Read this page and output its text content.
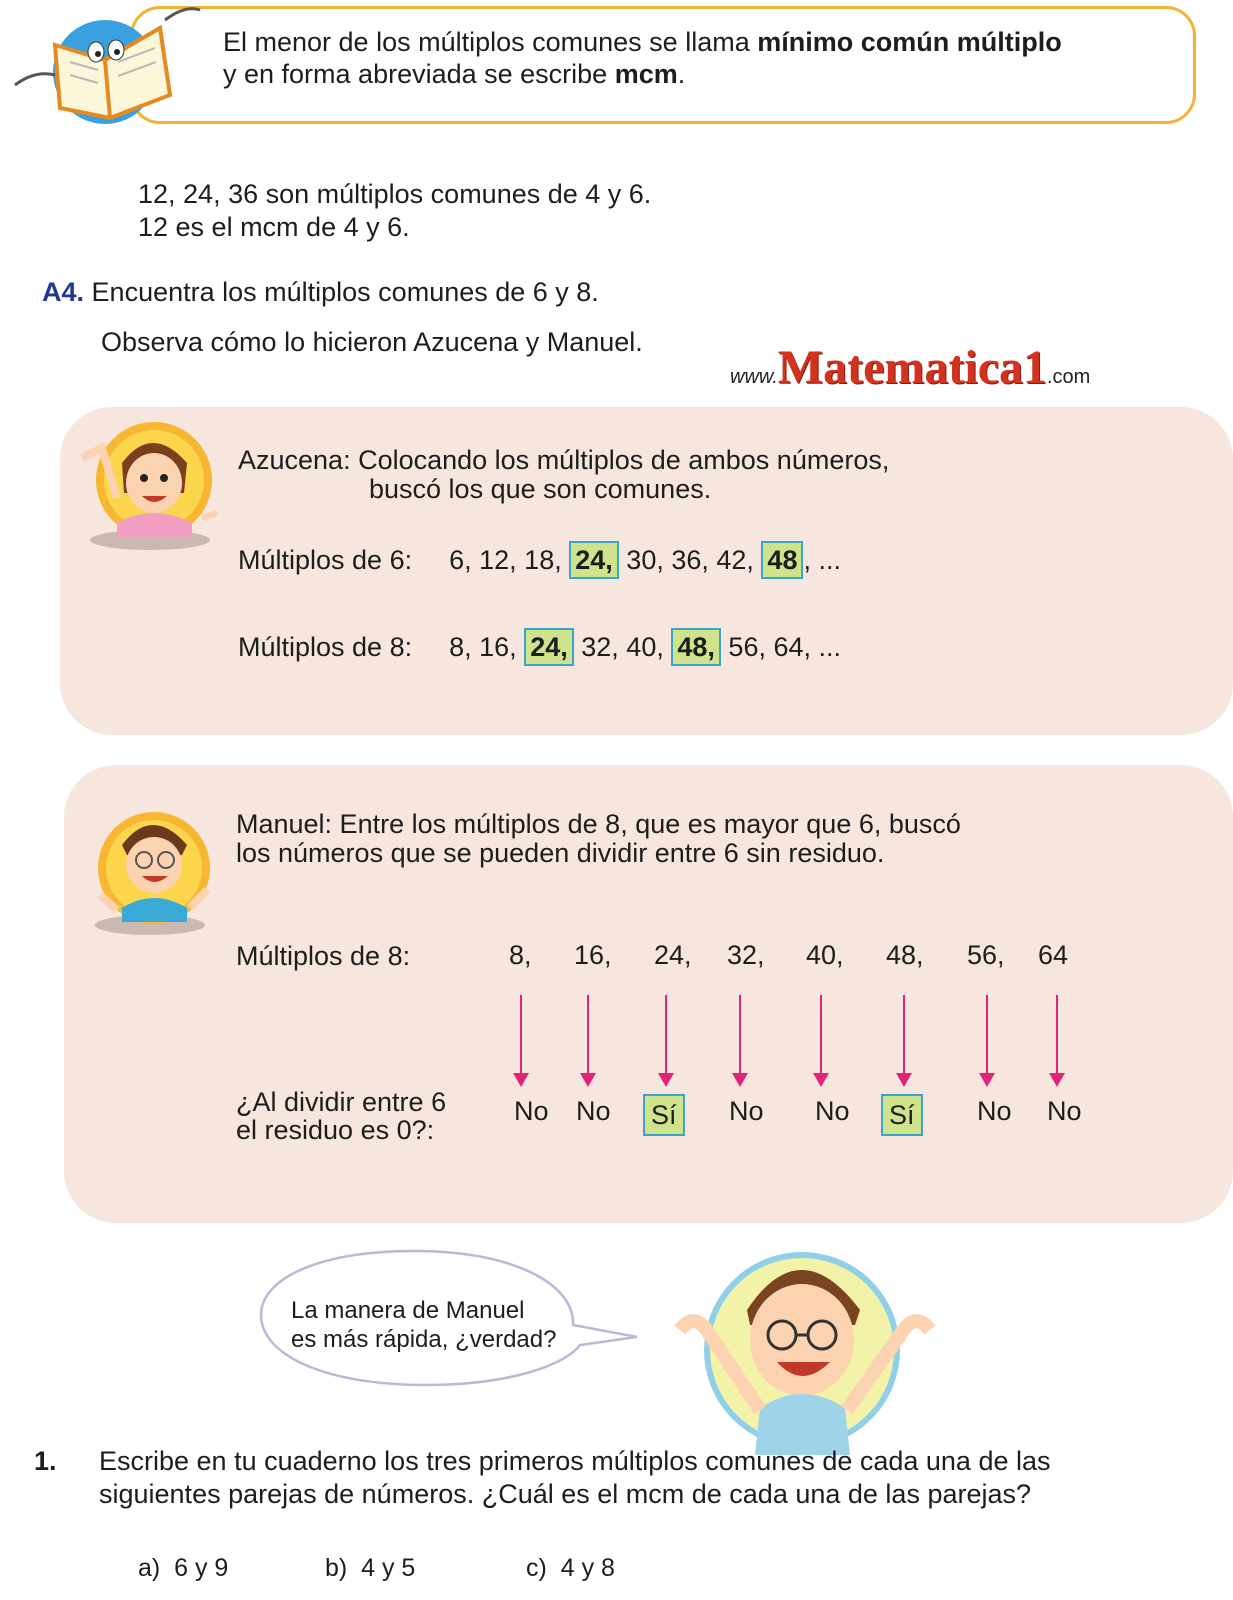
El menor de los múltiplos comunes se llama mínimo común múltiplo
y en forma abreviada se escribe mcm.
12, 24, 36 son múltiplos comunes de 4 y 6.
12 es el mcm de 4 y 6.
A4. Encuentra los múltiplos comunes de 6 y 8.
Observa cómo lo hicieron Azucena y Manuel.
www.Matematica1.com
Azucena: Colocando los múltiplos de ambos números,
buscó los que son comunes.
Múltiplos de 6: 6, 12, 18, 24, 30, 36, 42, 48 , ...
Múltiplos de 8: 8, 16, 24, 32, 40, 48, 56, 64, ...
Manuel: Entre los múltiplos de 8, que es mayor que 6, buscó
los números que se pueden dividir entre 6 sin residuo.
Múltiplos de 8:	8, 16, 24, 32, 40, 48, 56, 64
¿Al dividir entre 6
el residuo es 0?:
No No Sí No No Sí No No
La manera de Manuel
es más rápida, ¿verdad?
1. Escribe en tu cuaderno los tres primeros múltiplos comunes de cada una de las
siguientes parejas de números. ¿Cuál es el mcm de cada una de las parejas?
a)  6 y 9	b)  4 y 5	c)  4 y 8
